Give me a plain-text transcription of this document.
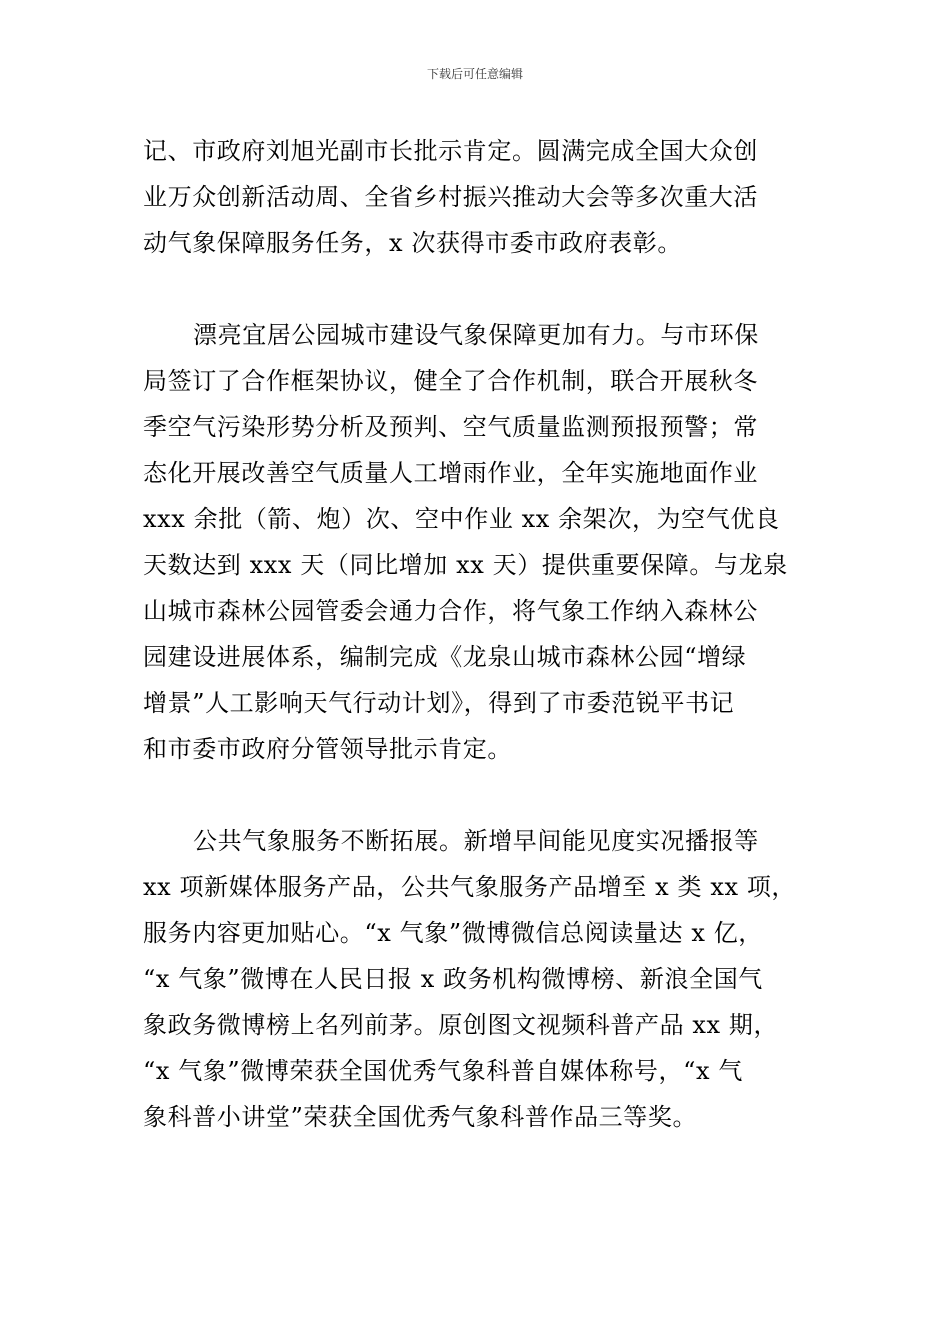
下载后可任意编辑
记、市政府刘旭光副市长批示肯定。圆满完成全国大众创
业万众创新活动周、全省乡村振兴推动大会等多次重大活
动气象保障服务任务，x 次获得市委市政府表彰。
漂亮宜居公园城市建设气象保障更加有力。与市环保
局签订了合作框架协议，健全了合作机制，联合开展秋冬
季空气污染形势分析及预判、空气质量监测预报预警；常
态化开展改善空气质量人工增雨作业，全年实施地面作业
xxx 余批（箭、炮）次、空中作业 xx 余架次，为空气优良
天数达到 xxx 天（同比增加 xx 天）提供重要保障。与龙泉
山城市森林公园管委会通力合作，将气象工作纳入森林公
园建设进展体系，编制完成《龙泉山城市森林公园“增绿
增景”人工影响天气行动计划》，得到了市委范锐平书记
和市委市政府分管领导批示肯定。
公共气象服务不断拓展。新增早间能见度实况播报等
xx 项新媒体服务产品，公共气象服务产品增至 x 类 xx 项，
服务内容更加贴心。“x 气象”微博微信总阅读量达 x 亿，
“x 气象”微博在人民日报 x 政务机构微博榜、新浪全国气
象政务微博榜上名列前茅。原创图文视频科普产品 xx 期，
“x 气象”微博荣获全国优秀气象科普自媒体称号，“x 气
象科普小讲堂”荣获全国优秀气象科普作品三等奖。
